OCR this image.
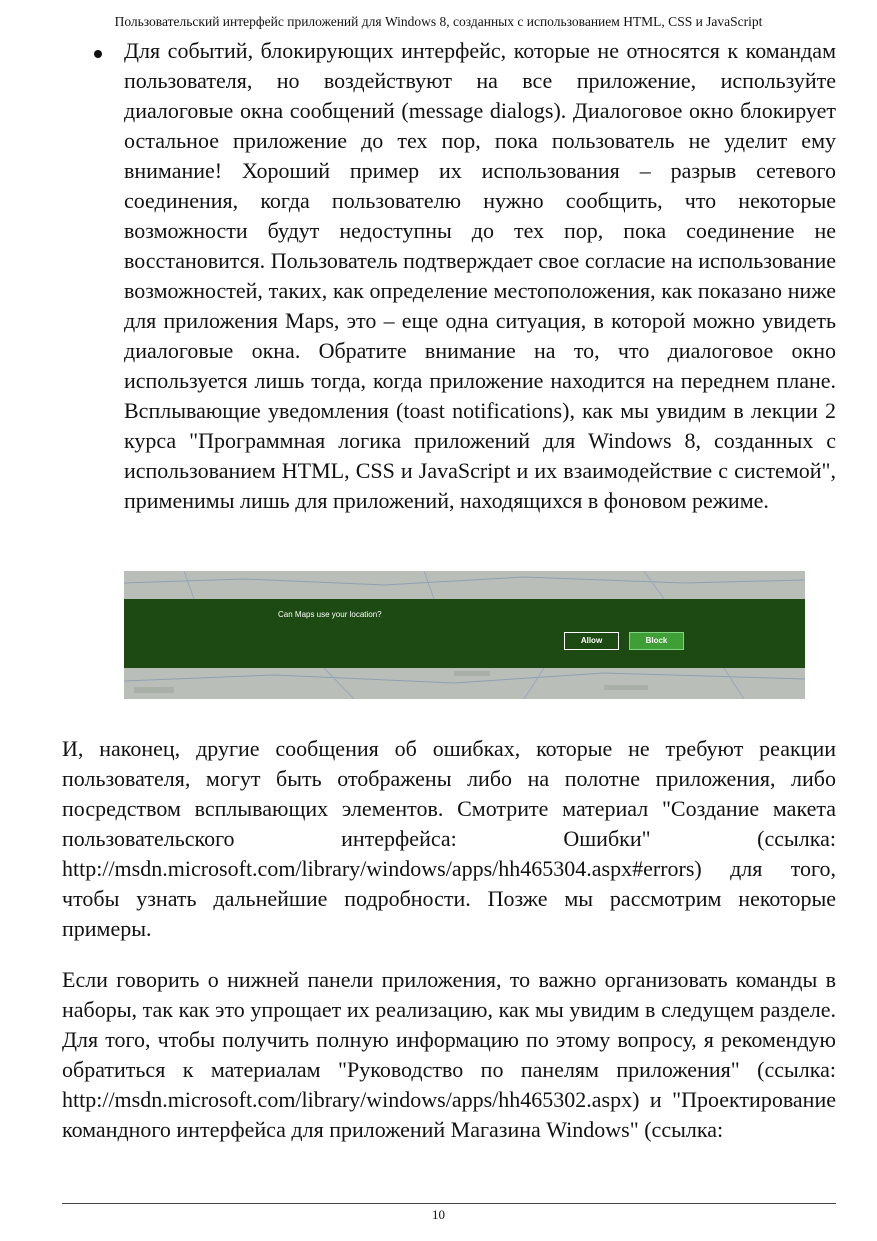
Пользовательский интерфейс приложений для Windows 8, созданных с использованием HTML, CSS и JavaScript

Для событий, блокирующих интерфейс, которые не относятся к командам пользователя, но воздействуют на все приложение, используйте диалоговые окна сообщений (message dialogs). Диалоговое окно блокирует остальное приложение до тех пор, пока пользователь не уделит ему внимание! Хороший пример их использования – разрыв сетевого соединения, когда пользователю нужно сообщить, что некоторые возможности будут недоступны до тех пор, пока соединение не восстановится. Пользователь подтверждает свое согласие на использование возможностей, таких, как определение местоположения, как показано ниже для приложения Maps, это – еще одна ситуация, в которой можно увидеть диалоговые окна. Обратите внимание на то, что диалоговое окно используется лишь тогда, когда приложение находится на переднем плане. Всплывающие уведомления (toast notifications), как мы увидим в лекции 2 курса "Программная логика приложений для Windows 8, созданных с использованием HTML, CSS и JavaScript и их взаимодействие с системой", применимы лишь для приложений, находящихся в фоновом режиме.

Can Maps use your location?
Allow	Block

И, наконец, другие сообщения об ошибках, которые не требуют реакции пользователя, могут быть отображены либо на полотне приложения, либо посредством всплывающих элементов. Смотрите материал "Создание макета пользовательского интерфейса: Ошибки" (ссылка: http://msdn.microsoft.com/library/windows/apps/hh465304.aspx#errors) для того, чтобы узнать дальнейшие подробности. Позже мы рассмотрим некоторые примеры.

Если говорить о нижней панели приложения, то важно организовать команды в наборы, так как это упрощает их реализацию, как мы увидим в следущем разделе. Для того, чтобы получить полную информацию по этому вопросу, я рекомендую обратиться к материалам "Руководство по панелям приложения" (ссылка: http://msdn.microsoft.com/library/windows/apps/hh465302.aspx) и "Проектирование командного интерфейса для приложений Магазина Windows" (ссылка:

10
